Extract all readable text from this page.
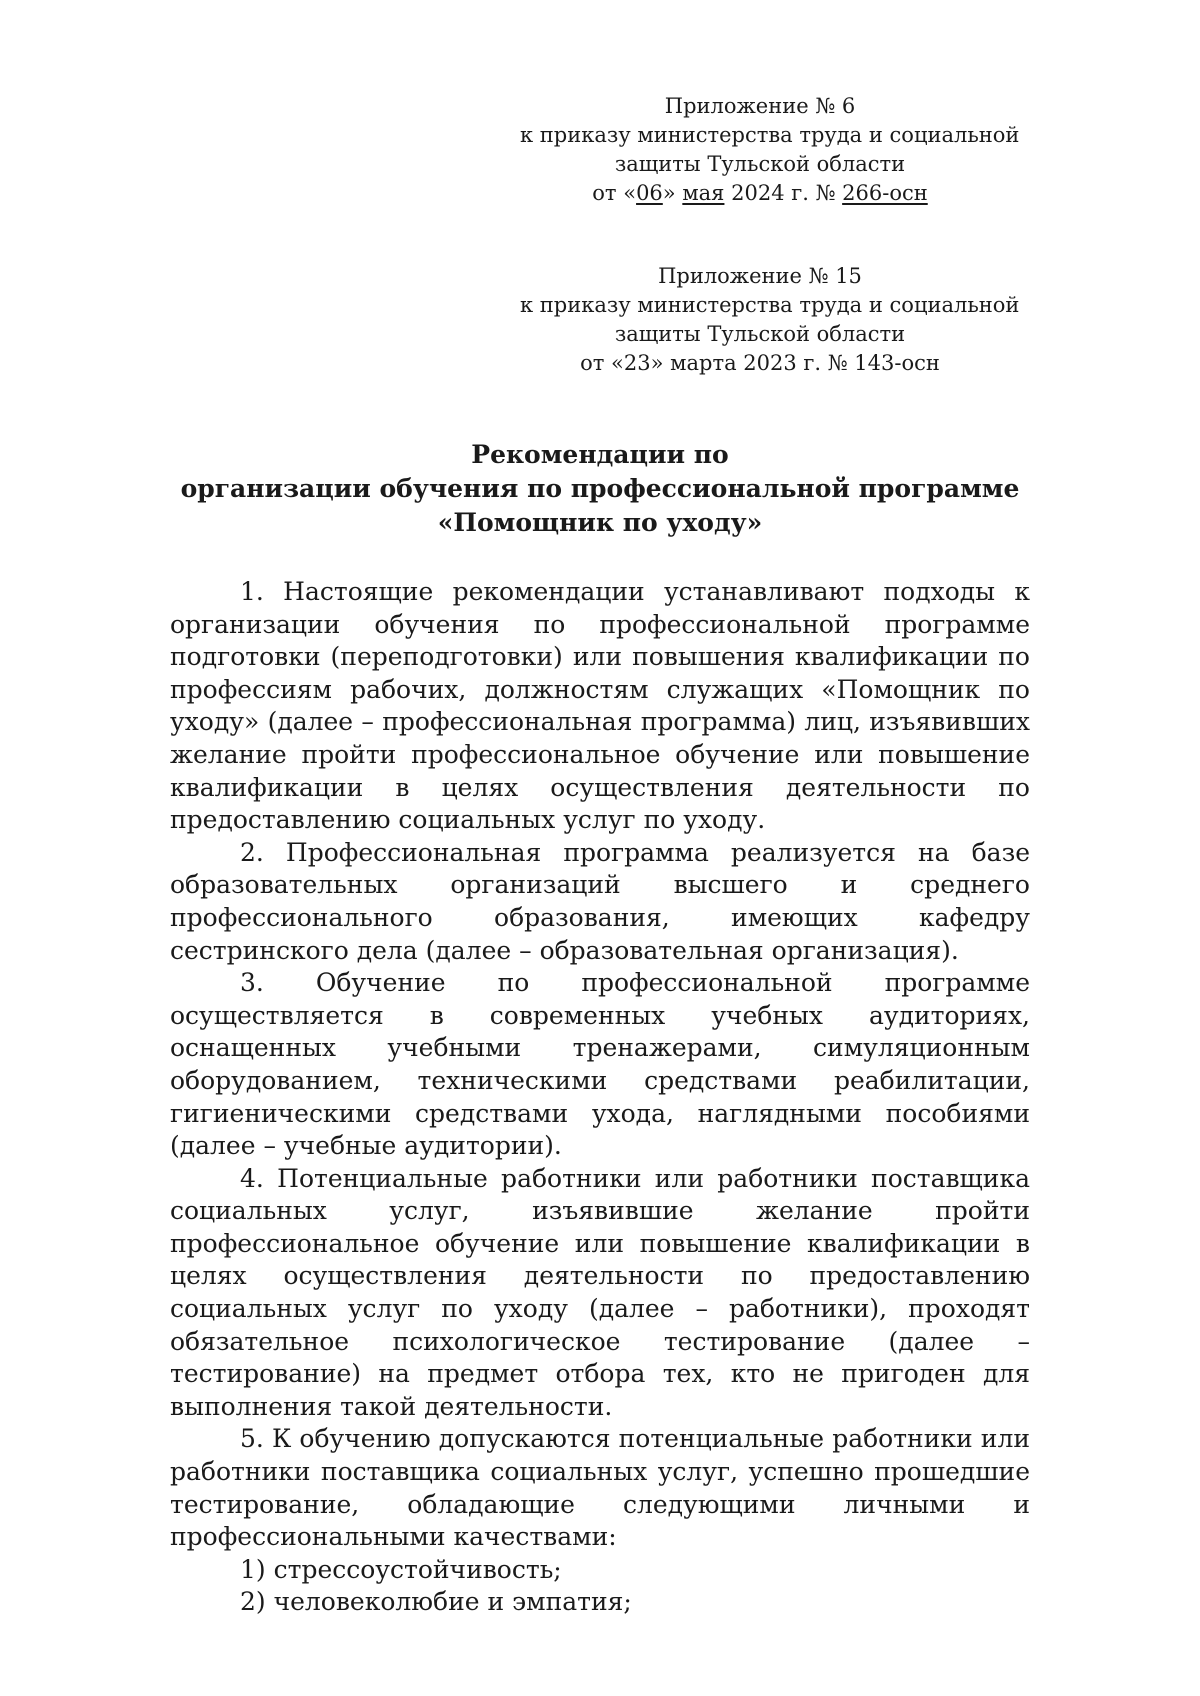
Приложение № 6
к приказу министерства труда и социальной
защиты Тульской области
от «06» мая 2024 г. № 266-осн
Приложение № 15
к приказу министерства труда и социальной
защиты Тульской области
от «23» марта 2023 г. № 143-осн
Рекомендации по
организации обучения по профессиональной программе
«Помощник по уходу»

1. Настоящие рекомендации устанавливают подходы к организации обучения по профессиональной программе подготовки (переподготовки) или повышения квалификации по профессиям рабочих, должностям служащих «Помощник по уходу» (далее – профессиональная программа) лиц, изъявивших желание пройти профессиональное обучение или повышение квалификации в целях осуществления деятельности по предоставлению социальных услуг по уходу.

2. Профессиональная программа реализуется на базе образовательных организаций высшего и среднего профессионального образования, имеющих кафедру сестринского дела (далее – образовательная организация).

3. Обучение по профессиональной программе осуществляется в современных учебных аудиториях, оснащенных учебными тренажерами, симуляционным оборудованием, техническими средствами реабилитации, гигиеническими средствами ухода, наглядными пособиями (далее – учебные аудитории).

4. Потенциальные работники или работники поставщика социальных услуг, изъявившие желание пройти профессиональное обучение или повышение квалификации в целях осуществления деятельности по предоставлению социальных услуг по уходу (далее – работники), проходят обязательное психологическое тестирование (далее – тестирование) на предмет отбора тех, кто не пригоден для выполнения такой деятельности.

5. К обучению допускаются потенциальные работники или работники поставщика социальных услуг, успешно прошедшие тестирование, обладающие следующими личными и профессиональными качествами:

1) стрессоустойчивость;

2) человеколюбие и эмпатия;
